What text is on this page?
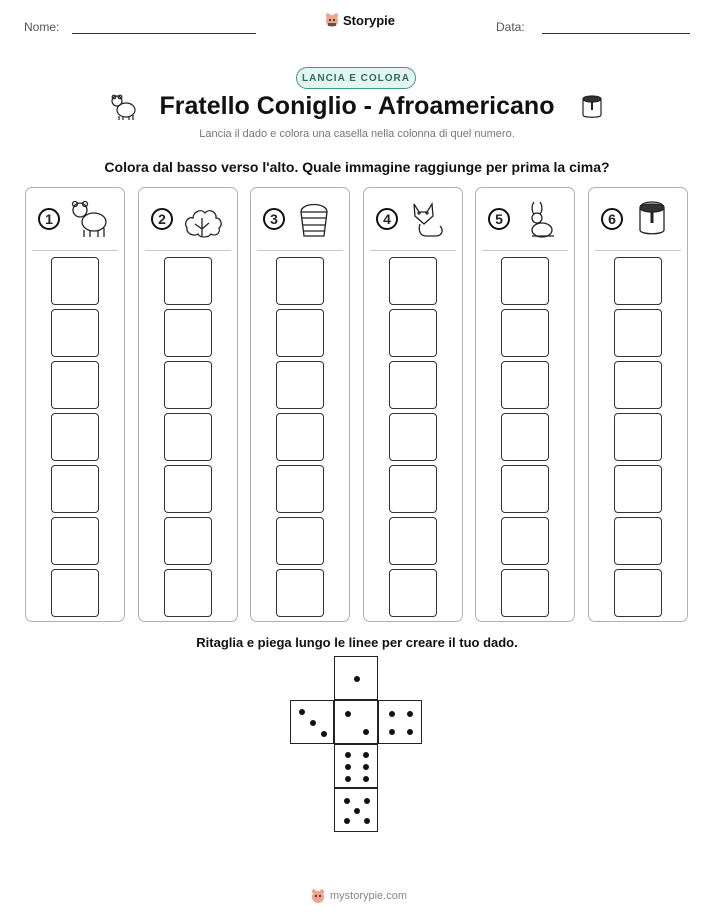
Nome:	Storypie	Data:
LANCIA E COLORA
Fratello Coniglio - Afroamericano
Lancia il dado e colora una casella nella colonna di quel numero.
Colora dal basso verso l'alto. Quale immagine raggiunge per prima la cima?
1	2	3	4	5	6
Ritaglia e piega lungo le linee per creare il tuo dado.
mystorypie.com
